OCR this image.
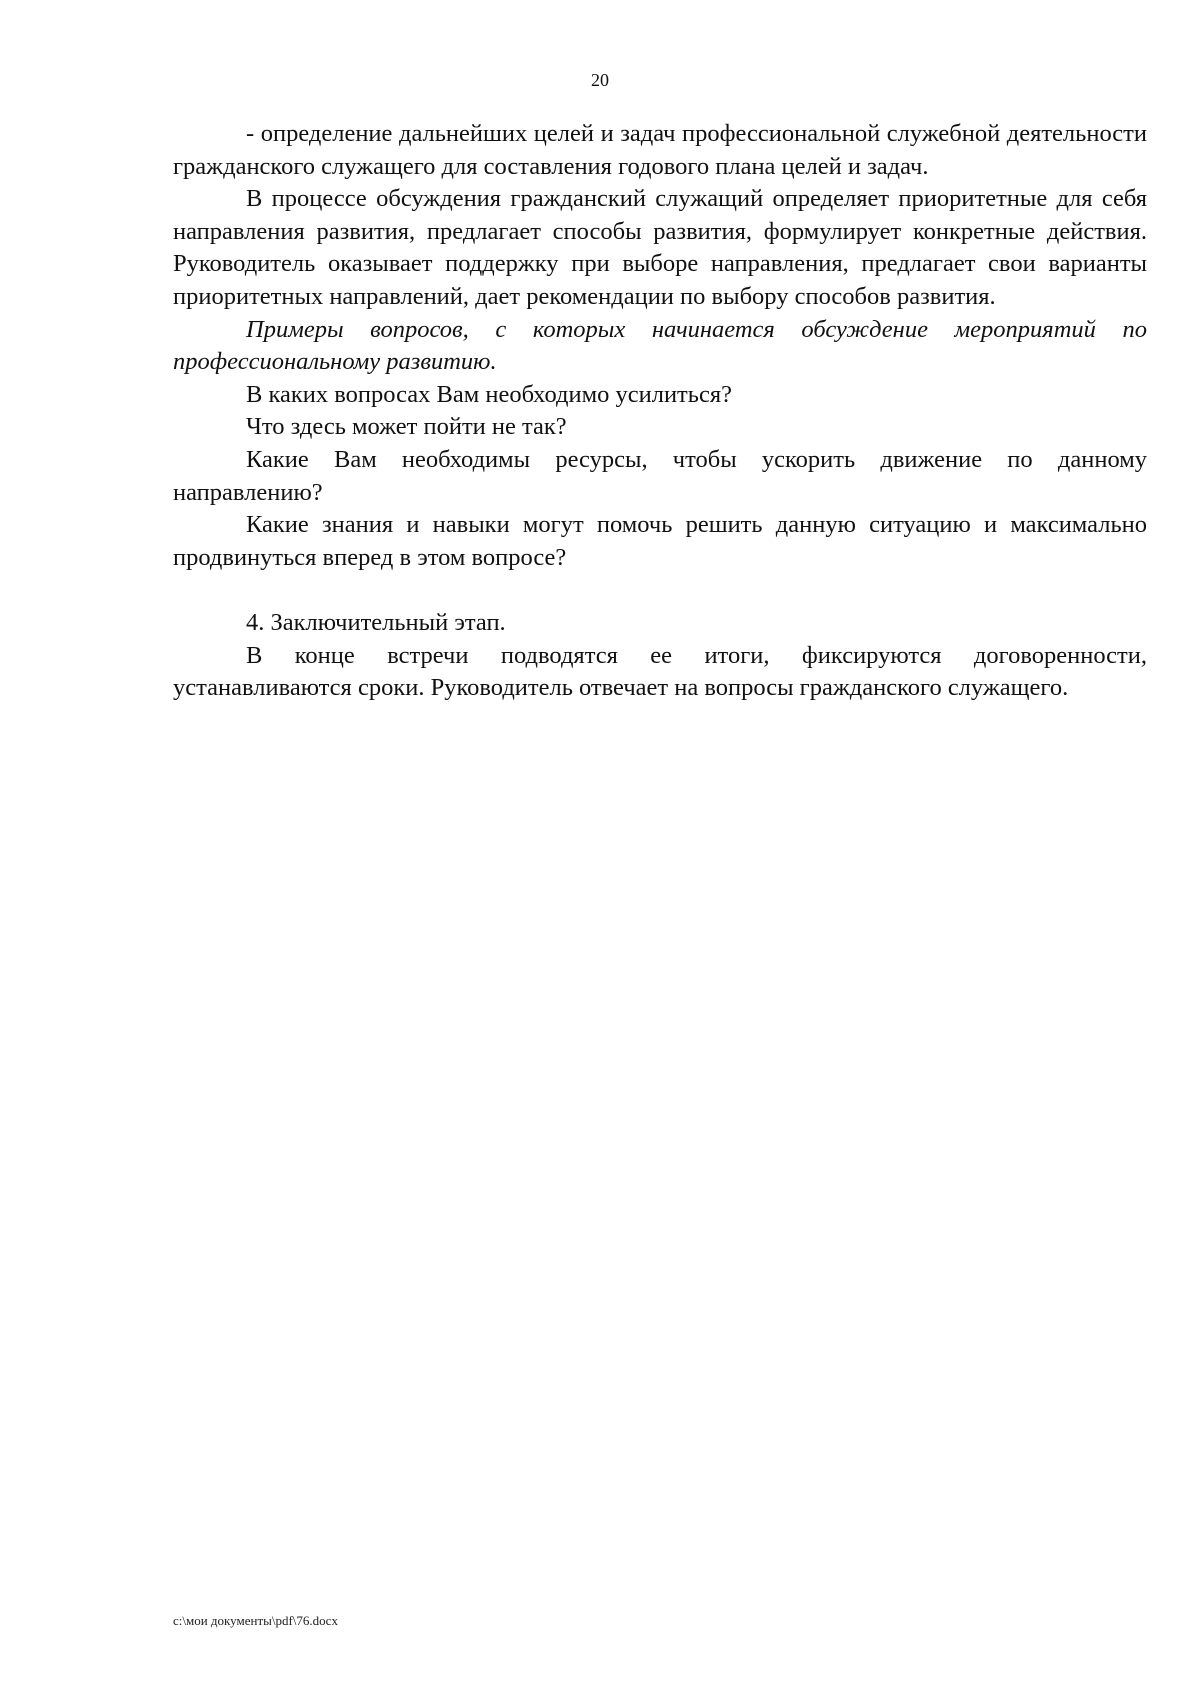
20

- определение дальнейших целей и задач профессиональной служебной деятельности гражданского служащего для составления годового плана целей и задач.

В процессе обсуждения гражданский служащий определяет приоритетные для себя направления развития, предлагает способы развития, формулирует конкретные действия. Руководитель оказывает поддержку при выборе направления, предлагает свои варианты приоритетных направлений, дает рекомендации по выбору способов развития.

Примеры вопросов, с которых начинается обсуждение мероприятий по профессиональному развитию.

В каких вопросах Вам необходимо усилиться?

Что здесь может пойти не так?

Какие Вам необходимы ресурсы, чтобы ускорить движение по данному направлению?

Какие знания и навыки могут помочь решить данную ситуацию и максимально продвинуться вперед в этом вопросе?

4. Заключительный этап.

В конце встречи подводятся ее итоги, фиксируются договоренности, устанавливаются сроки. Руководитель отвечает на вопросы гражданского служащего.

c:\мои документы\pdf\76.docx
